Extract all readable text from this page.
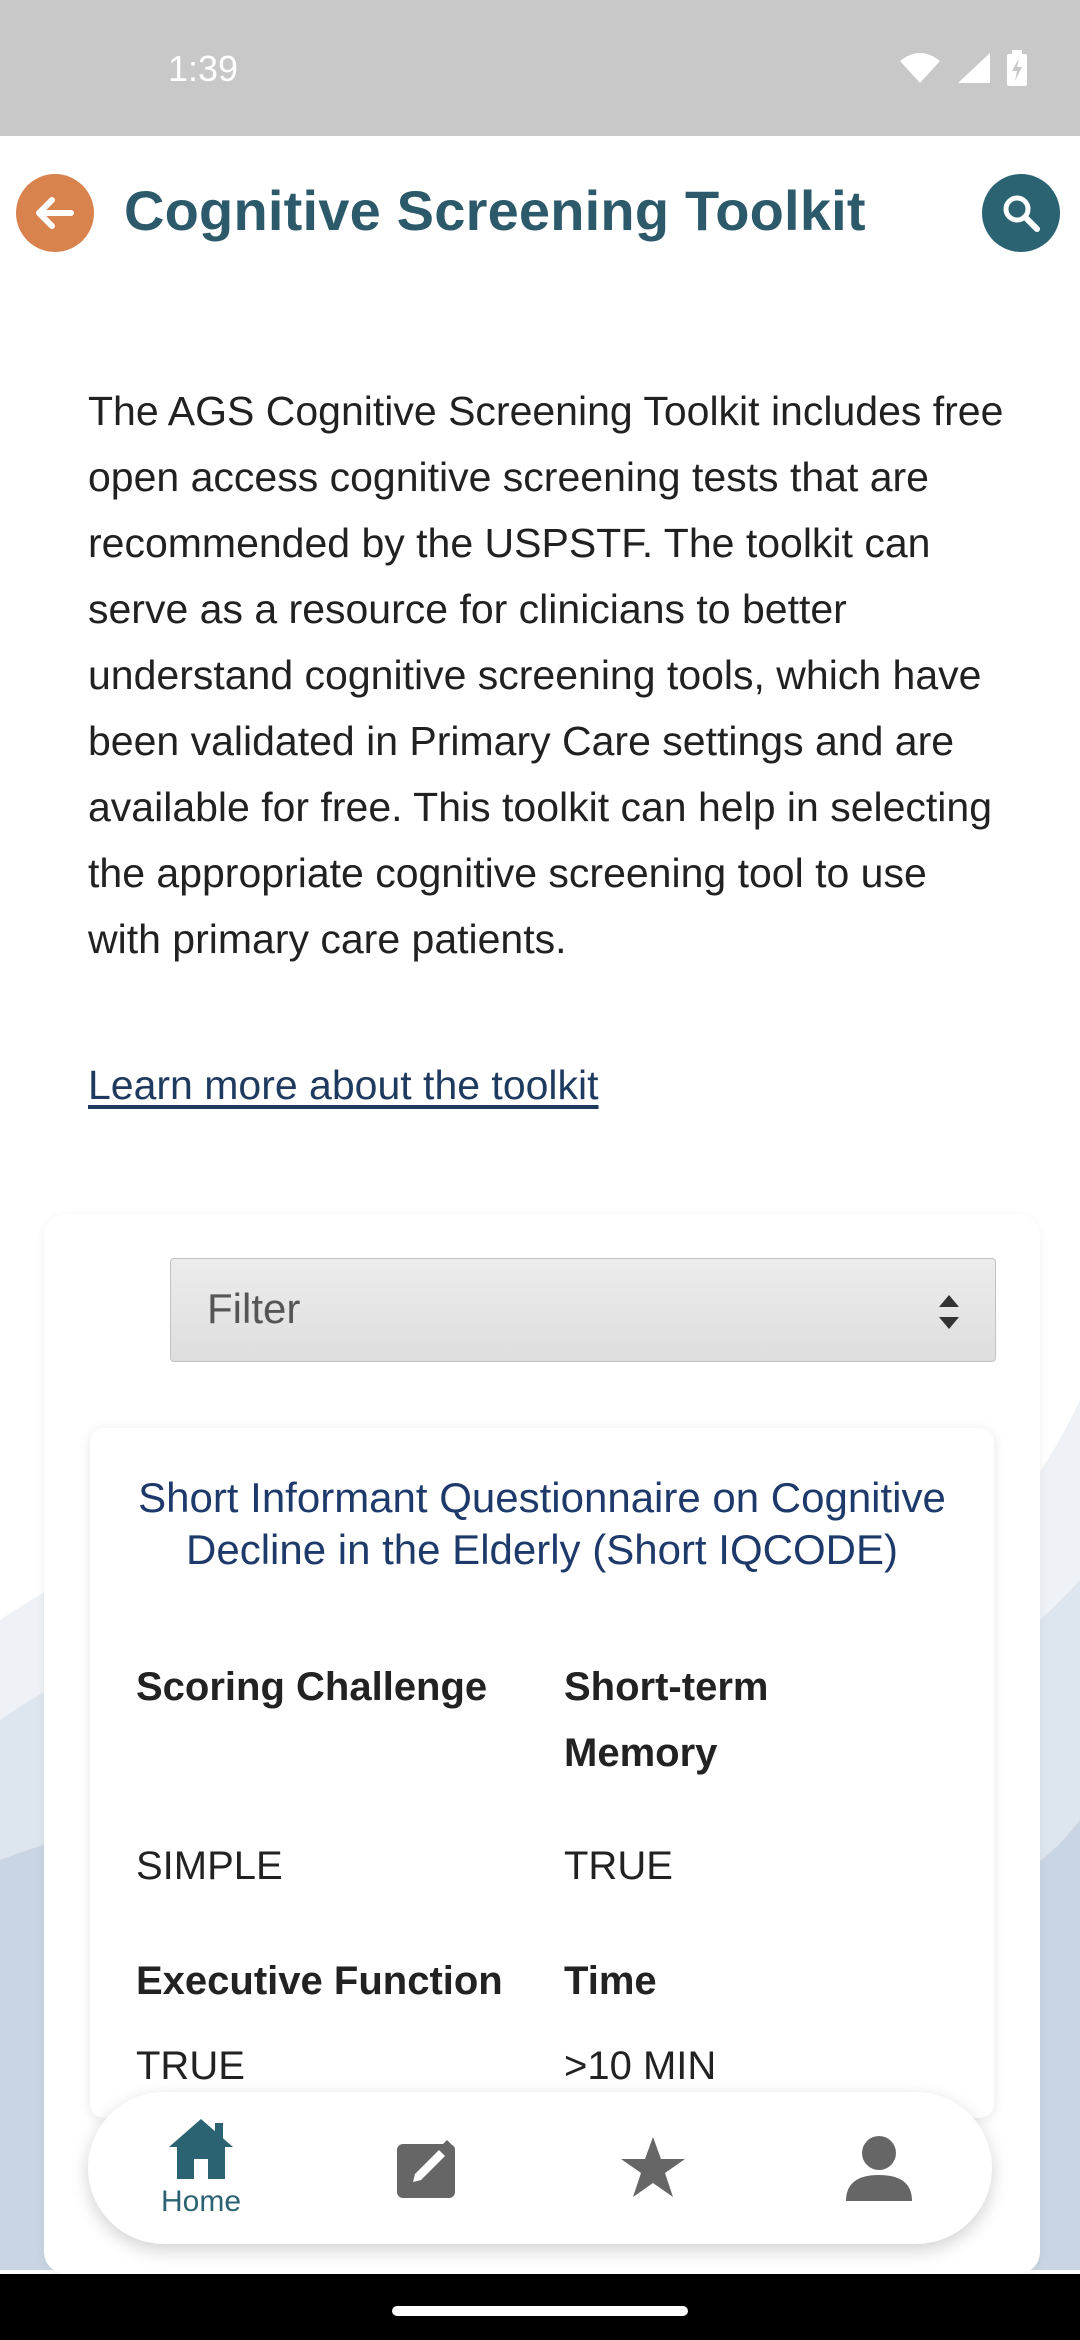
1:39
Cognitive Screening Toolkit

The AGS Cognitive Screening Toolkit includes free open access cognitive screening tests that are recommended by the USPSTF. The toolkit can serve as a resource for clinicians to better understand cognitive screening tools, which have been validated in Primary Care settings and are available for free. This toolkit can help in selecting the appropriate cognitive screening tool to use with primary care patients.

Learn more about the toolkit
Filter
Short Informant Questionnaire on Cognitive Decline in the Elderly (Short IQCODE)
Scoring Challenge	Short-term Memory
SIMPLE	TRUE
Executive Function	Time
TRUE	>10 MIN
Home
